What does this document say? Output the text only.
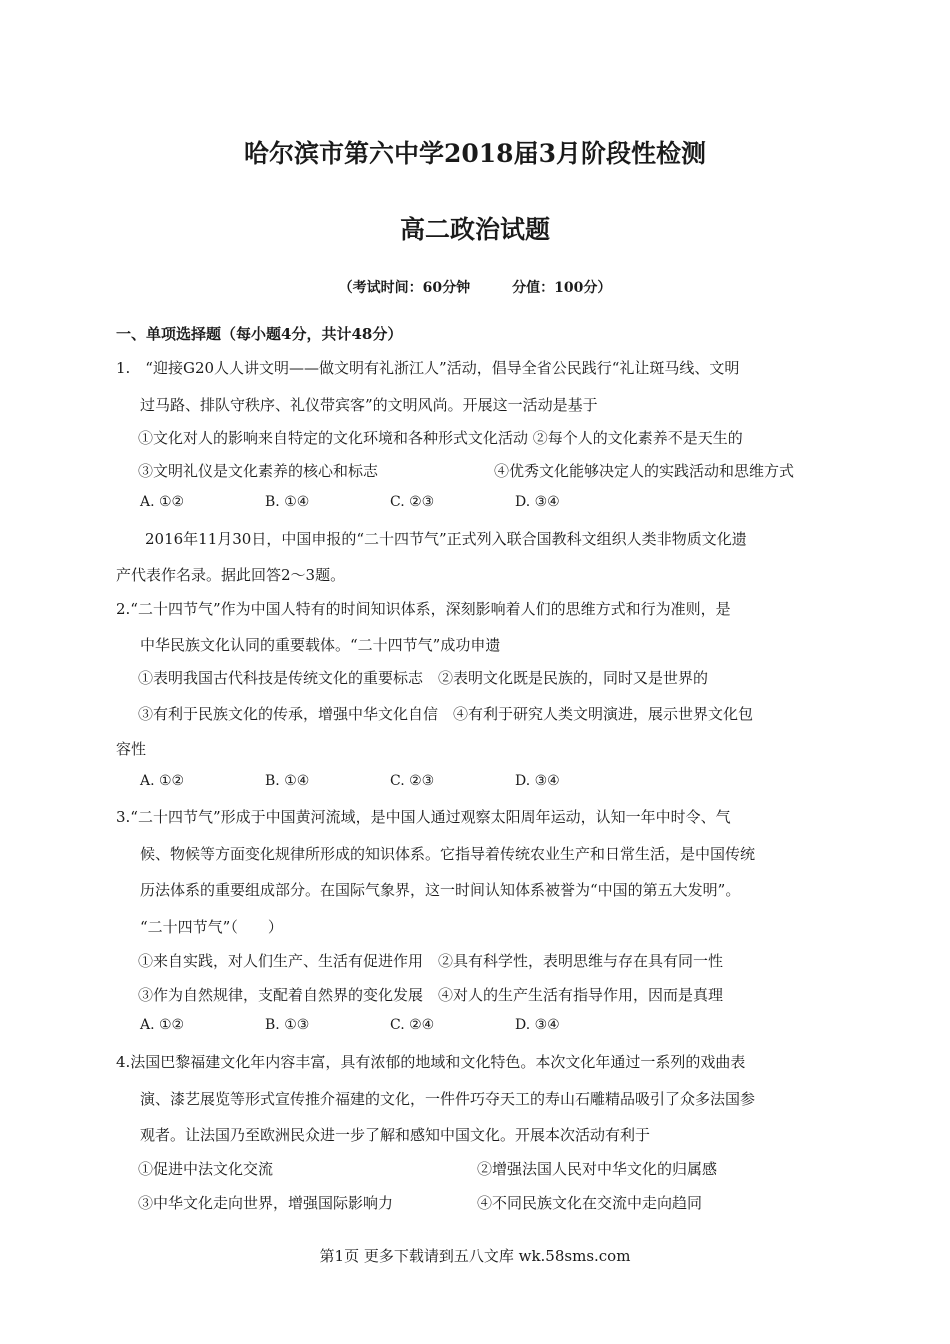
哈尔滨市第六中学2018届3月阶段性检测
高二政治试题
（考试时间：60分钟　　　分值：100分）
一、单项选择题（每小题4分，共计48分）
1.　“迎接G20人人讲文明——做文明有礼浙江人”活动，倡导全省公民践行“礼让斑马线、文明
过马路、排队守秩序、礼仪带宾客”的文明风尚。开展这一活动是基于
①文化对人的影响来自特定的文化环境和各种形式文化活动 ②每个人的文化素养不是天生的
③文明礼仪是文化素养的核心和标志	④优秀文化能够决定人的实践活动和思维方式
A. ①②	B. ①④	C. ②③	D. ③④
2016年11月30日，中国申报的“二十四节气”正式列入联合国教科文组织人类非物质文化遗
产代表作名录。据此回答2～3题。
2.“二十四节气”作为中国人特有的时间知识体系，深刻影响着人们的思维方式和行为准则，是
中华民族文化认同的重要载体。“二十四节气”成功申遗
①表明我国古代科技是传统文化的重要标志　②表明文化既是民族的，同时又是世界的
③有利于民族文化的传承，增强中华文化自信　④有利于研究人类文明演进，展示世界文化包
容性
A. ①②	B. ①④	C. ②③	D. ③④
3.“二十四节气”形成于中国黄河流域，是中国人通过观察太阳周年运动，认知一年中时令、气
候、物候等方面变化规律所形成的知识体系。它指导着传统农业生产和日常生活，是中国传统
历法体系的重要组成部分。在国际气象界，这一时间认知体系被誉为“中国的第五大发明”。
“二十四节气”（　　）
①来自实践，对人们生产、生活有促进作用　②具有科学性，表明思维与存在具有同一性
③作为自然规律，支配着自然界的变化发展　④对人的生产生活有指导作用，因而是真理
A. ①②	B. ①③	C. ②④	D. ③④
4.法国巴黎福建文化年内容丰富，具有浓郁的地域和文化特色。本次文化年通过一系列的戏曲表
演、漆艺展览等形式宣传推介福建的文化，一件件巧夺天工的寿山石雕精品吸引了众多法国参
观者。让法国乃至欧洲民众进一步了解和感知中国文化。开展本次活动有利于
①促进中法文化交流	②增强法国人民对中华文化的归属感
③中华文化走向世界，增强国际影响力	④不同民族文化在交流中走向趋同
第1页 更多下载请到五八文库 wk.58sms.com
